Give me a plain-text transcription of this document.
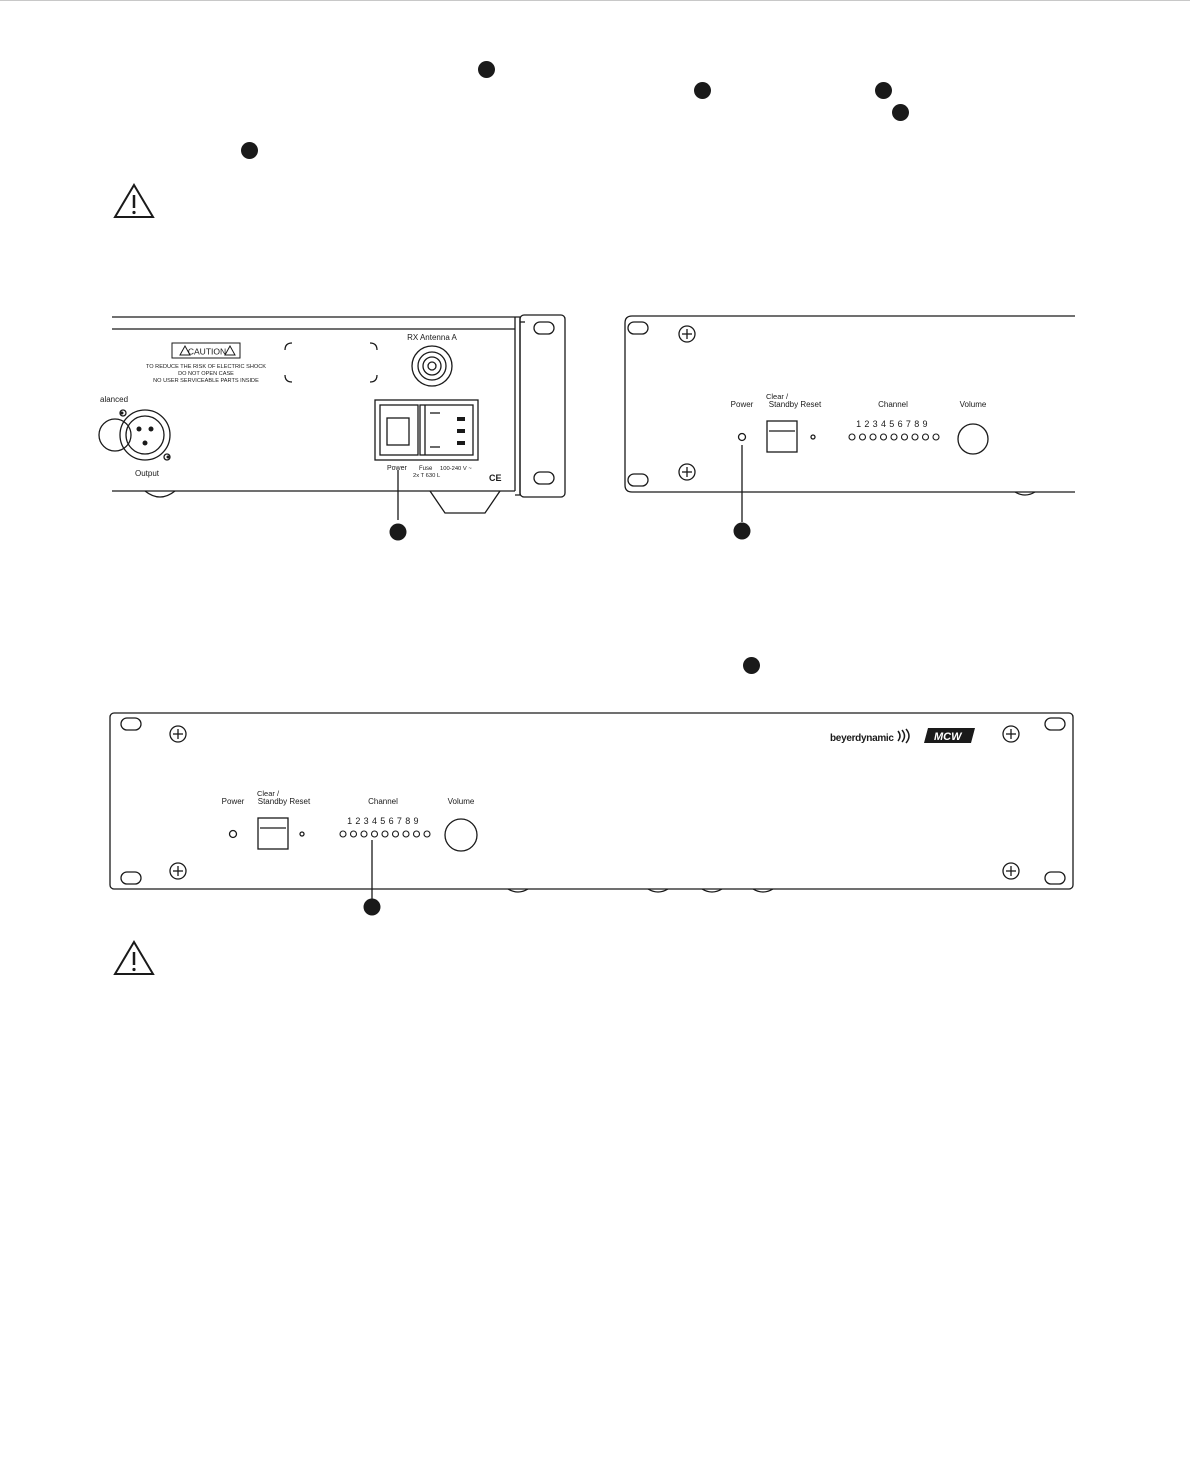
CAUTION
TO REDUCE THE RISK OF ELECTRIC SHOCK
DO NOT OPEN CASE
NO USER SERVICEABLE PARTS INSIDE
RX Antenna A
alanced
Output
Power Fuse 100-240 V ~
2x T 630 L	CE
Power
Clear /
Standby Reset	Channel
1 2 3 4 5 6 7 8 9
Volume
beyerdynamic	MCW
Power
Clear /
Standby Reset	Channel
1 2 3 4 5 6 7 8 9
Volume
